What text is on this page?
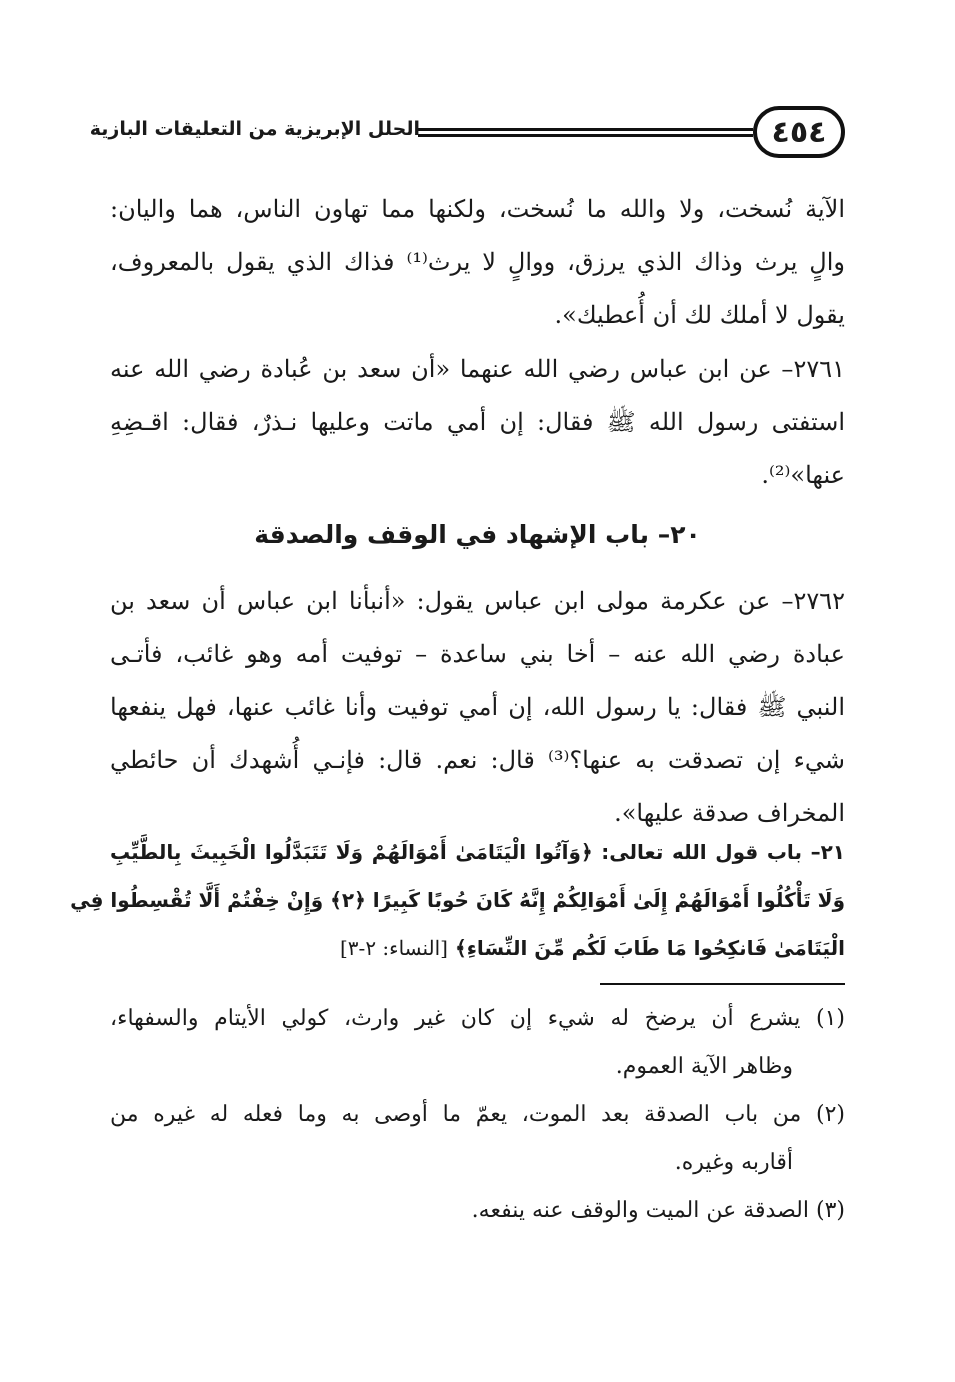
٤٥٤
الحلل الإبريزية من التعليقات البازية
الآية نُسخت، ولا والله ما نُسخت، ولكنها مما تهاون الناس، هما واليان:
والٍ يرث وذاك الذي يرزق، ووالٍ لا يرث⁽¹⁾ فذاك الذي يقول بالمعروف،
يقول لا أملك لك أن أُعطيك».
٢٧٦١– عن ابن عباس رضي الله عنهما «أن سعد بن عُبادة رضي الله عنه
استفتى رسول الله ﷺ فقال: إن أمي ماتت وعليها نـذرٌ، فقال: اقـضِهِ
عنها»⁽²⁾.
٢٠– باب الإشهاد في الوقف والصدقة
٢٧٦٢– عن عكرمة مولى ابن عباس يقول: «أنبأنا ابن عباس أن سعد بن
عبادة رضي الله عنه – أخا بني ساعدة – توفيت أمه وهو غائب، فأتـى
النبي ﷺ فقال: يا رسول الله، إن أمي توفيت وأنا غائب عنها، فهل ينفعها
شيء إن تصدقت به عنها؟⁽³⁾ قال: نعم. قال: فإنـي أُشهدك أن حائطي
المخراف صدقة عليها».
٢١– باب قول الله تعالى: ﴿وَآتُوا الْيَتَامَىٰ أَمْوَالَهُمْ وَلَا تَتَبَدَّلُوا الْخَبِيثَ بِالطَّيِّبِ
وَلَا تَأْكُلُوا أَمْوَالَهُمْ إِلَىٰ أَمْوَالِكُمْ إِنَّهُ كَانَ حُوبًا كَبِيرًا ﴿٢﴾ وَإِنْ خِفْتُمْ أَلَّا تُقْسِطُوا فِي
الْيَتَامَىٰ فَانكِحُوا مَا طَابَ لَكُم مِّنَ النِّسَاءِ﴾ [النساء: ٢-٣]
(١) يشرع أن يرضخ له شيء إن كان غير وارث، كولي الأيتام والسفهاء،
وظاهر الآية العموم.
(٢) من باب الصدقة بعد الموت، يعمّ ما أوصى به وما فعله له غيره من
أقاربه وغيره.
(٣) الصدقة عن الميت والوقف عنه ينفعه.
